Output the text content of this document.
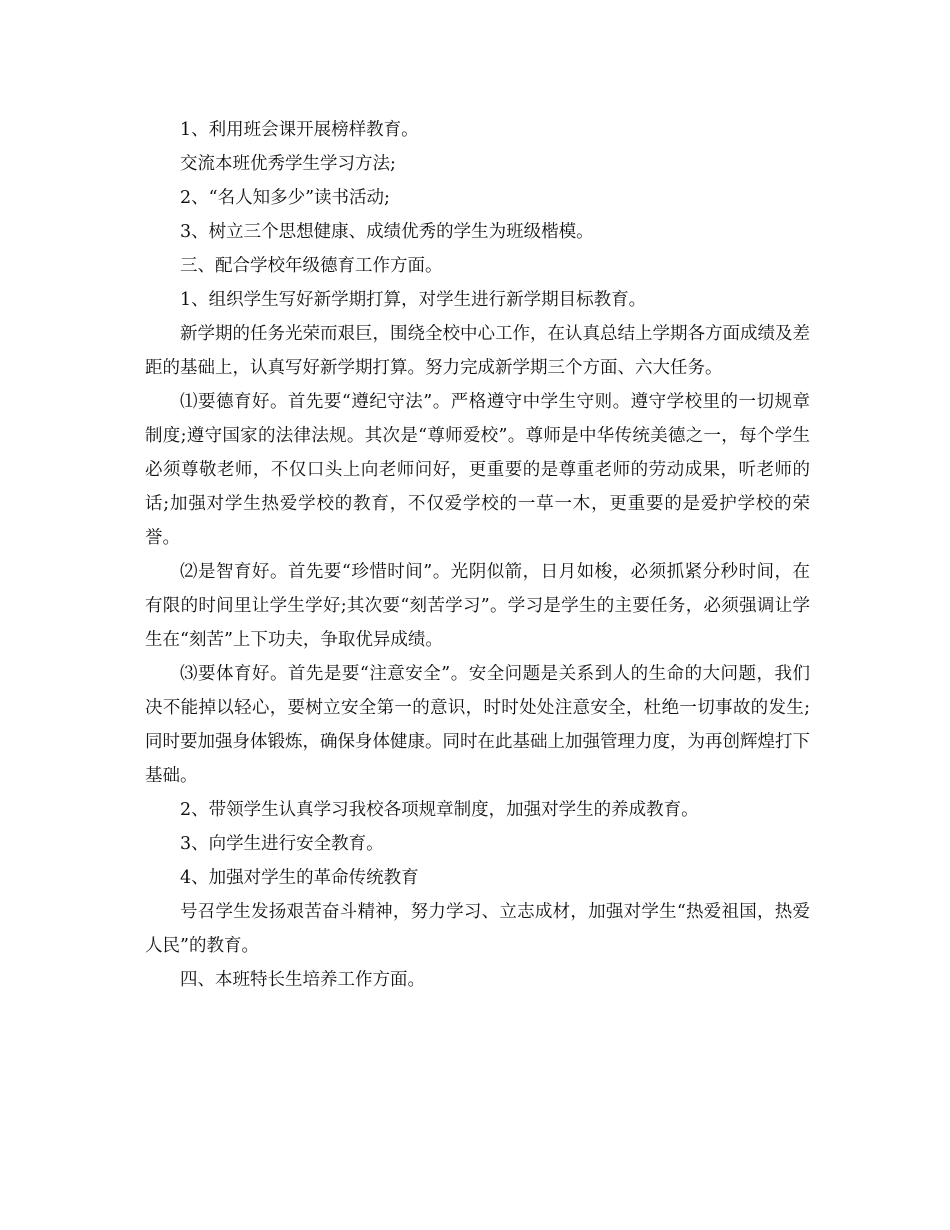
1、利用班会课开展榜样教育。

交流本班优秀学生学习方法;

2、“名人知多少”读书活动;

3、树立三个思想健康、成绩优秀的学生为班级楷模。

三、配合学校年级德育工作方面。

1、组织学生写好新学期打算，对学生进行新学期目标教育。

新学期的任务光荣而艰巨，围绕全校中心工作，在认真总结上学期各方面成绩及差距的基础上，认真写好新学期打算。努力完成新学期三个方面、六大任务。

⑴要德育好。首先要“遵纪守法”。严格遵守中学生守则。遵守学校里的一切规章制度;遵守国家的法律法规。其次是“尊师爱校”。尊师是中华传统美德之一，每个学生必须尊敬老师，不仅口头上向老师问好，更重要的是尊重老师的劳动成果，听老师的话;加强对学生热爱学校的教育，不仅爱学校的一草一木，更重要的是爱护学校的荣誉。

⑵是智育好。首先要“珍惜时间”。光阴似箭，日月如梭，必须抓紧分秒时间，在有限的时间里让学生学好;其次要“刻苦学习”。学习是学生的主要任务，必须强调让学生在“刻苦”上下功夫，争取优异成绩。

⑶要体育好。首先是要“注意安全”。安全问题是关系到人的生命的大问题，我们决不能掉以轻心，要树立安全第一的意识，时时处处注意安全，杜绝一切事故的发生;同时要加强身体锻炼，确保身体健康。同时在此基础上加强管理力度，为再创辉煌打下基础。

2、带领学生认真学习我校各项规章制度，加强对学生的养成教育。

3、向学生进行安全教育。

4、加强对学生的革命传统教育

号召学生发扬艰苦奋斗精神，努力学习、立志成材，加强对学生“热爱祖国，热爱人民”的教育。

四、本班特长生培养工作方面。
